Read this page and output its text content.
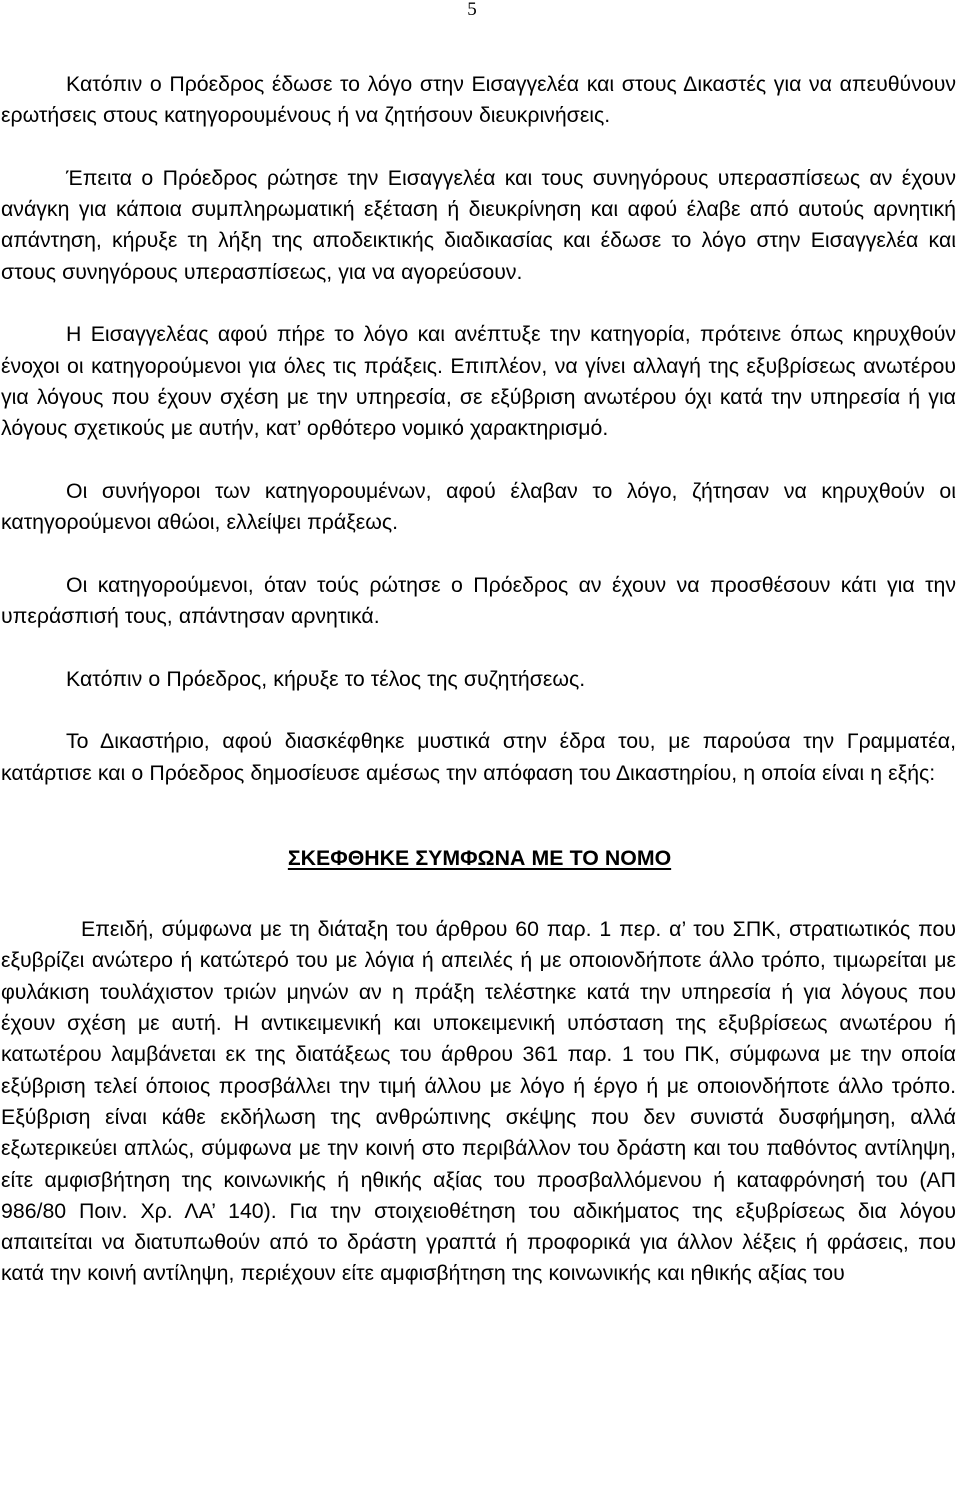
5

Κατόπιν ο Πρόεδρος έδωσε το λόγο στην Εισαγγελέα και στους Δικαστές για να απευθύνουν ερωτήσεις στους κατηγορουμένους ή να ζητήσουν διευκρινήσεις.

Έπειτα ο Πρόεδρος ρώτησε την Εισαγγελέα και τους συνηγόρους υπερασπίσεως αν έχουν ανάγκη για κάποια συμπληρωματική εξέταση ή διευκρίνηση και αφού έλαβε από αυτούς αρνητική απάντηση, κήρυξε τη λήξη της αποδεικτικής διαδικασίας και έδωσε το λόγο στην Εισαγγελέα και στους συνηγόρους υπερασπίσεως, για να αγορεύσουν.

Η Εισαγγελέας αφού πήρε το λόγο και ανέπτυξε την κατηγορία, πρότεινε όπως κηρυχθούν ένοχοι οι κατηγορούμενοι για όλες τις πράξεις. Επιπλέον, να γίνει αλλαγή της εξυβρίσεως ανωτέρου για λόγους που έχουν σχέση με την υπηρεσία, σε εξύβριση ανωτέρου όχι κατά την υπηρεσία ή για λόγους σχετικούς με αυτήν, κατ’ ορθότερο νομικό χαρακτηρισμό.

Οι συνήγοροι των κατηγορουμένων, αφού έλαβαν το λόγο, ζήτησαν να κηρυχθούν οι κατηγορούμενοι αθώοι, ελλείψει πράξεως.

Οι κατηγορούμενοι, όταν τούς ρώτησε ο Πρόεδρος αν έχουν να προσθέσουν κάτι για την υπεράσπισή τους, απάντησαν αρνητικά.

Κατόπιν ο Πρόεδρος, κήρυξε το τέλος της συζητήσεως.

Το Δικαστήριο, αφού διασκέφθηκε μυστικά στην έδρα του, με παρούσα την Γραμματέα, κατάρτισε και ο Πρόεδρος δημοσίευσε αμέσως την απόφαση του Δικαστηρίου, η οποία είναι η εξής:

ΣΚΕΦΘΗΚΕ ΣΥΜΦΩΝΑ ΜΕ ΤΟ ΝΟΜΟ

Επειδή, σύμφωνα με τη διάταξη του άρθρου 60 παρ. 1 περ. α’ του ΣΠΚ, στρατιωτικός που εξυβρίζει ανώτερο ή κατώτερό του με λόγια ή απειλές ή με οποιονδήποτε άλλο τρόπο, τιμωρείται με φυλάκιση τουλάχιστον τριών μηνών αν η πράξη τελέστηκε κατά την υπηρεσία ή για λόγους που έχουν σχέση με αυτή. Η αντικειμενική και υποκειμενική υπόσταση της εξυβρίσεως ανωτέρου ή κατωτέρου λαμβάνεται εκ της διατάξεως του άρθρου 361 παρ. 1 του ΠΚ, σύμφωνα με την οποία εξύβριση τελεί όποιος προσβάλλει την τιμή άλλου με λόγο ή έργο ή με οποιονδήποτε άλλο τρόπο. Εξύβριση είναι κάθε εκδήλωση της ανθρώπινης σκέψης που δεν συνιστά δυσφήμηση, αλλά εξωτερικεύει απλώς, σύμφωνα με την κοινή στο περιβάλλον του δράστη και του παθόντος αντίληψη, είτε αμφισβήτηση της κοινωνικής ή ηθικής αξίας του προσβαλλόμενου ή καταφρόνησή του (ΑΠ 986/80 Ποιν. Χρ. ΛΑ’ 140). Για την στοιχειοθέτηση του αδικήματος της εξυβρίσεως δια λόγου απαιτείται να διατυπωθούν από το δράστη γραπτά ή προφορικά για άλλον λέξεις ή φράσεις, που κατά την κοινή αντίληψη, περιέχουν είτε αμφισβήτηση της κοινωνικής και ηθικής αξίας του
